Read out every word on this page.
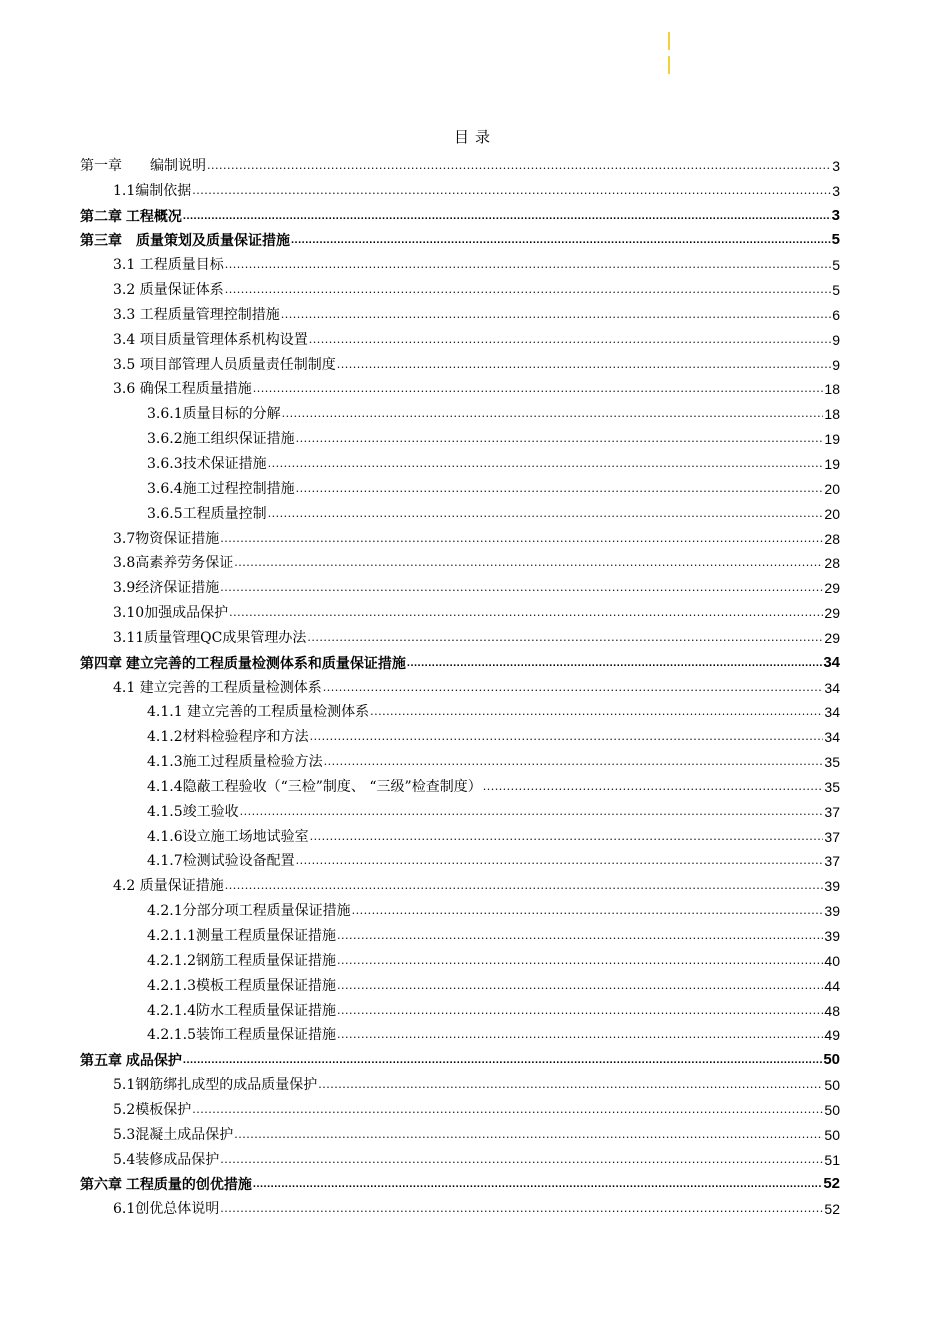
目录
第一章　　编制说明 .....	3
1.1编制依据 .....	3
第二章 工程概况 .....	3
第三章　质量策划及质量保证措施 .....	5
3.1 工程质量目标 .....	5
3.2 质量保证体系 .....	5
3.3 工程质量管理控制措施 .....	6
3.4 项目质量管理体系机构设置 .....	9
3.5 项目部管理人员质量责任制制度 .....	9
3.6 确保工程质量措施 .....	18
3.6.1质量目标的分解 .....	18
3.6.2施工组织保证措施 .....	19
3.6.3技术保证措施 .....	19
3.6.4施工过程控制措施 .....	20
3.6.5工程质量控制 .....	20
3.7物资保证措施 .....	28
3.8高素养劳务保证 .....	28
3.9经济保证措施 .....	29
3.10加强成品保护 .....	29
3.11质量管理QC成果管理办法 .....	29
第四章 建立完善的工程质量检测体系和质量保证措施 .....	34
4.1 建立完善的工程质量检测体系 .....	34
4.1.1 建立完善的工程质量检测体系 .....	34
4.1.2材料检验程序和方法 .....	34
4.1.3施工过程质量检验方法 .....	35
4.1.4隐蔽工程验收（“三检”制度、 “三级”检查制度） .....	35
4.1.5竣工验收 .....	37
4.1.6设立施工场地试验室 .....	37
4.1.7检测试验设备配置 .....	37
4.2 质量保证措施 .....	39
4.2.1分部分项工程质量保证措施 .....	39
4.2.1.1测量工程质量保证措施 .....	39
4.2.1.2钢筋工程质量保证措施 .....	40
4.2.1.3模板工程质量保证措施 .....	44
4.2.1.4防水工程质量保证措施 .....	48
4.2.1.5装饰工程质量保证措施 .....	49
第五章 成品保护 .....	50
5.1钢筋绑扎成型的成品质量保护 .....	50
5.2模板保护 .....	50
5.3混凝土成品保护 .....	50
5.4装修成品保护 .....	51
第六章 工程质量的创优措施 .....	52
6.1创优总体说明 .....	52
